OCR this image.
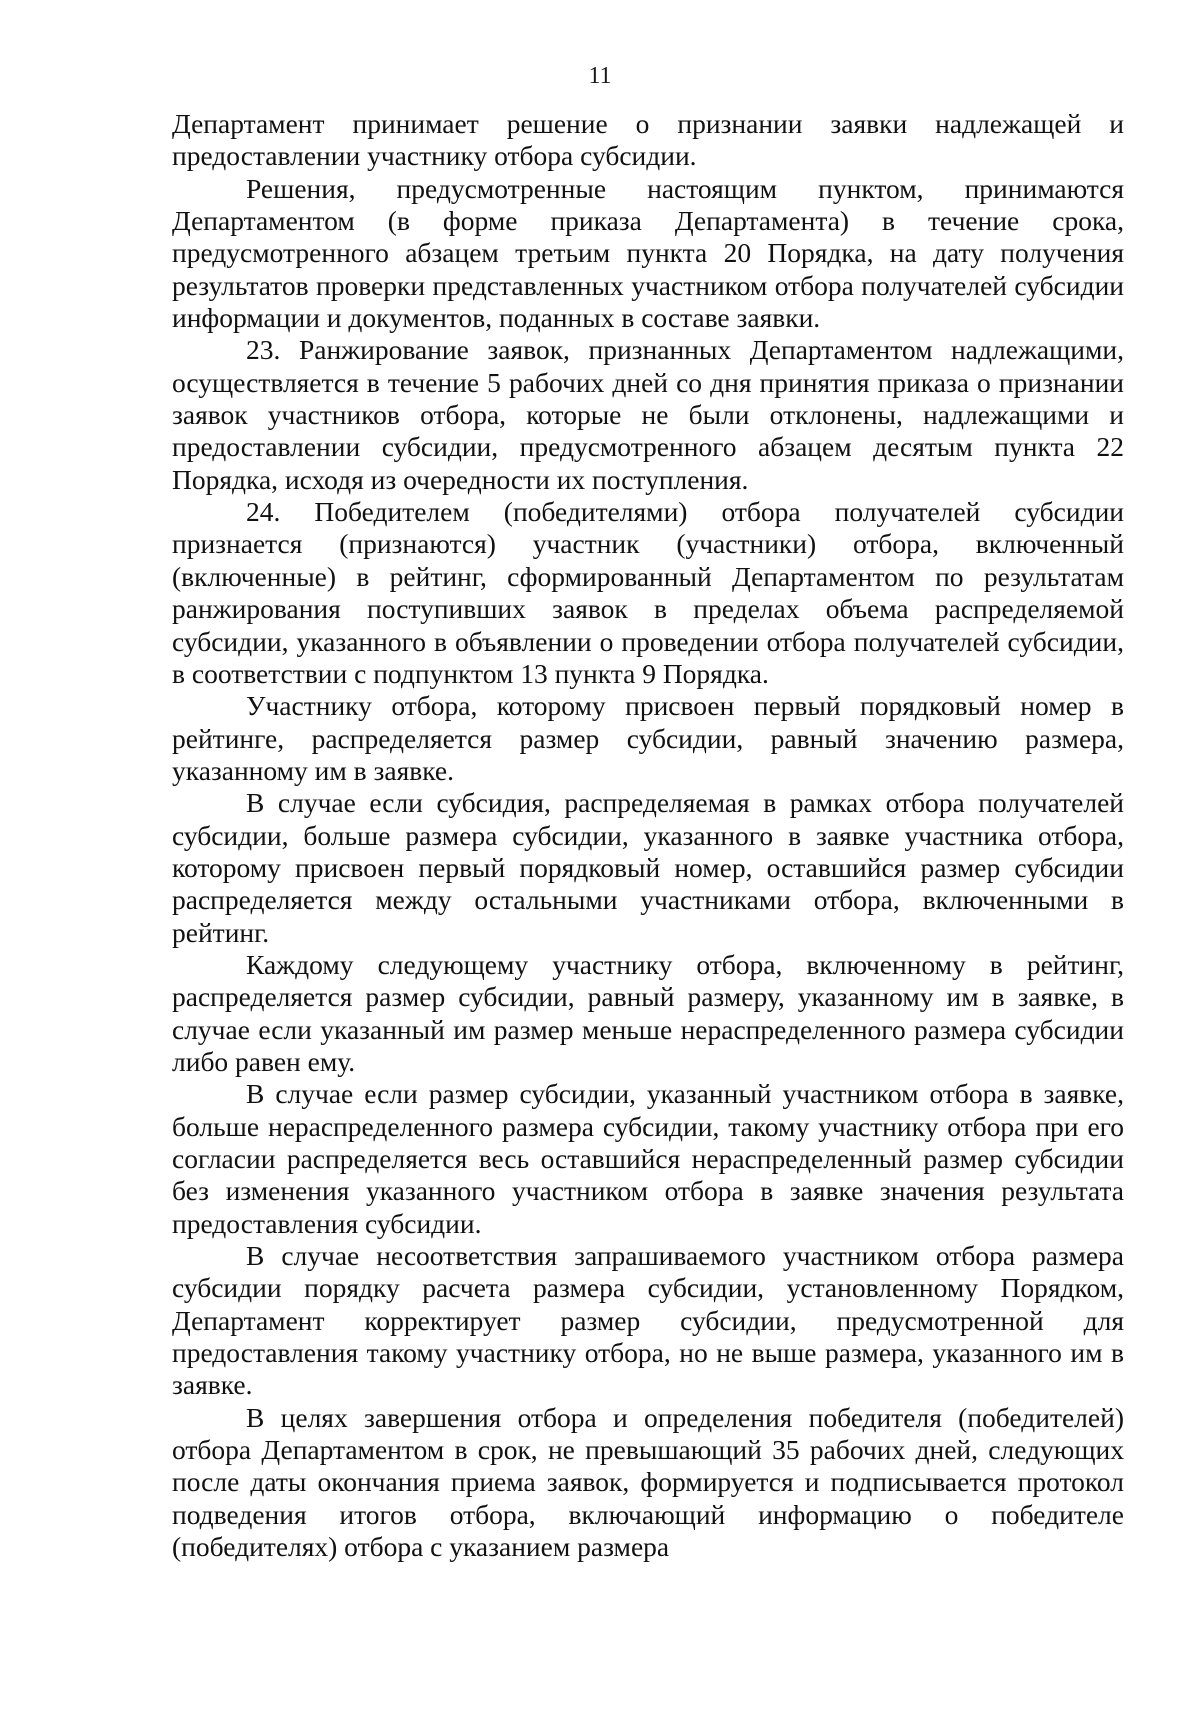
11

Департамент принимает решение о признании заявки надлежащей и предоставлении участнику отбора субсидии.

Решения, предусмотренные настоящим пунктом, принимаются Департаментом (в форме приказа Департамента) в течение срока, предусмотренного абзацем третьим пункта 20 Порядка, на дату получения результатов проверки представленных участником отбора получателей субсидии информации и документов, поданных в составе заявки.

23. Ранжирование заявок, признанных Департаментом надлежащими, осуществляется в течение 5 рабочих дней со дня принятия приказа о признании заявок участников отбора, которые не были отклонены, надлежащими и предоставлении субсидии, предусмотренного абзацем десятым пункта 22 Порядка, исходя из очередности их поступления.

24. Победителем (победителями) отбора получателей субсидии признается (признаются) участник (участники) отбора, включенный (включенные) в рейтинг, сформированный Департаментом по результатам ранжирования поступивших заявок в пределах объема распределяемой субсидии, указанного в объявлении о проведении отбора получателей субсидии, в соответствии с подпунктом 13 пункта 9 Порядка.

Участнику отбора, которому присвоен первый порядковый номер в рейтинге, распределяется размер субсидии, равный значению размера, указанному им в заявке.

В случае если субсидия, распределяемая в рамках отбора получателей субсидии, больше размера субсидии, указанного в заявке участника отбора, которому присвоен первый порядковый номер, оставшийся размер субсидии распределяется между остальными участниками отбора, включенными в рейтинг.

Каждому следующему участнику отбора, включенному в рейтинг, распределяется размер субсидии, равный размеру, указанному им в заявке, в случае если указанный им размер меньше нераспределенного размера субсидии либо равен ему.

В случае если размер субсидии, указанный участником отбора в заявке, больше нераспределенного размера субсидии, такому участнику отбора при его согласии распределяется весь оставшийся нераспределенный размер субсидии без изменения указанного участником отбора в заявке значения результата предоставления субсидии.

В случае несоответствия запрашиваемого участником отбора размера субсидии порядку расчета размера субсидии, установленному Порядком, Департамент корректирует размер субсидии, предусмотренной для предоставления такому участнику отбора, но не выше размера, указанного им в заявке.

В целях завершения отбора и определения победителя (победителей) отбора Департаментом в срок, не превышающий 35 рабочих дней, следующих после даты окончания приема заявок, формируется и подписывается протокол подведения итогов отбора, включающий информацию о победителе (победителях) отбора с указанием размера
